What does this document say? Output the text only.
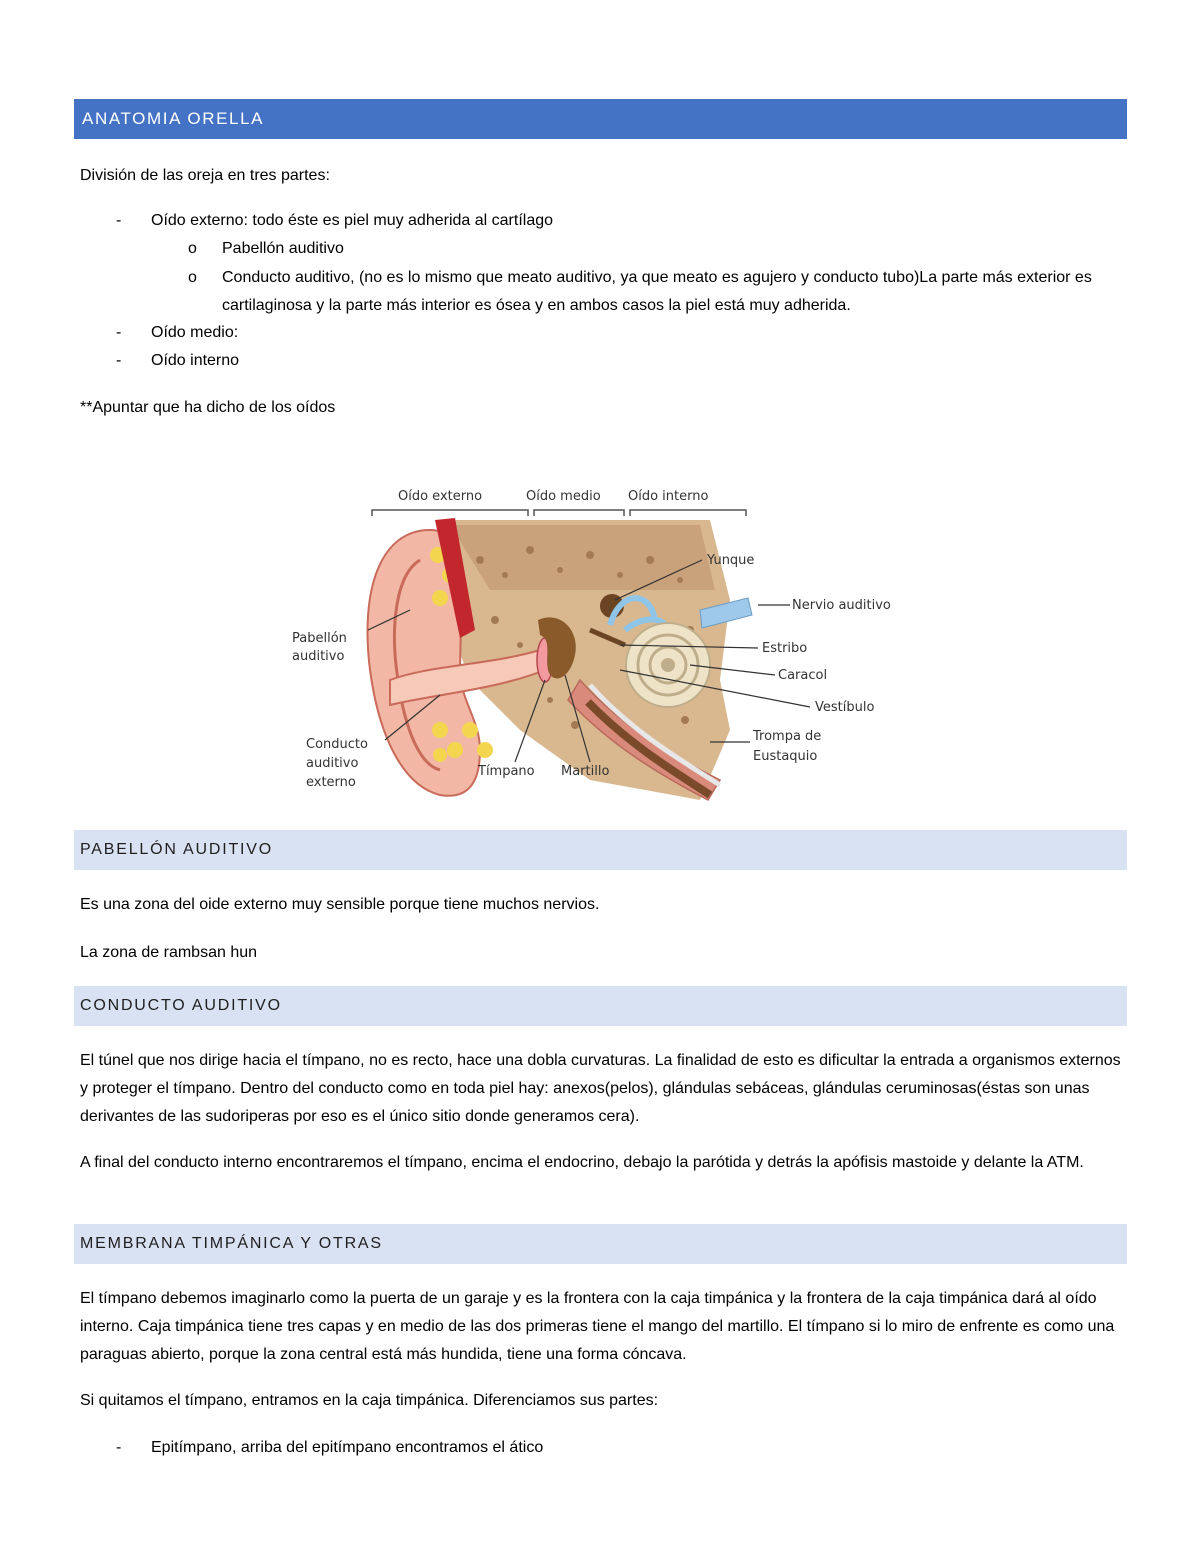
ANATOMIA ORELLA
División de las oreja en tres partes:
- Oído externo: todo éste es piel muy adherida al cartílago
o Pabellón auditivo
o Conducto auditivo, (no es lo mismo que meato auditivo, ya que meato es agujero y conducto tubo)La parte más exterior es cartilaginosa y la parte más interior es ósea y en ambos casos la piel está muy adherida.
- Oído medio:
- Oído interno
**Apuntar que ha dicho de los oídos
Oído externo	Oído medio Oído interno
Yunque
Nervio auditivo
Pabellón
auditivo
Estribo
Caracol
Vestíbulo
Trompa de
Eustaquio
Conducto
auditivo
externo
Tímpano Martillo
PABELLÓN AUDITIVO
Es una zona del oide externo muy sensible porque tiene muchos nervios.
La zona de rambsan hun
CONDUCTO AUDITIVO
El túnel que nos dirige hacia el tímpano, no es recto, hace una dobla curvaturas. La finalidad de esto es dificultar la entrada a organismos externos y proteger el tímpano. Dentro del conducto como en toda piel hay: anexos(pelos), glándulas sebáceas, glándulas ceruminosas(éstas son unas derivantes de las sudoriperas por eso es el único sitio donde generamos cera).
A final del conducto interno encontraremos el tímpano, encima el endocrino, debajo la parótida y detrás la apófisis mastoide y delante la ATM.
MEMBRANA TIMPÁNICA Y OTRAS
El tímpano debemos imaginarlo como la puerta de un garaje y es la frontera con la caja timpánica y la frontera de la caja timpánica dará al oído interno. Caja timpánica tiene tres capas y en medio de las dos primeras tiene el mango del martillo. El tímpano si lo miro de enfrente es como una paraguas abierto, porque la zona central está más hundida, tiene una forma cóncava.
Si quitamos el tímpano, entramos en la caja timpánica. Diferenciamos sus partes:
- Epitímpano, arriba del epitímpano encontramos el ático
